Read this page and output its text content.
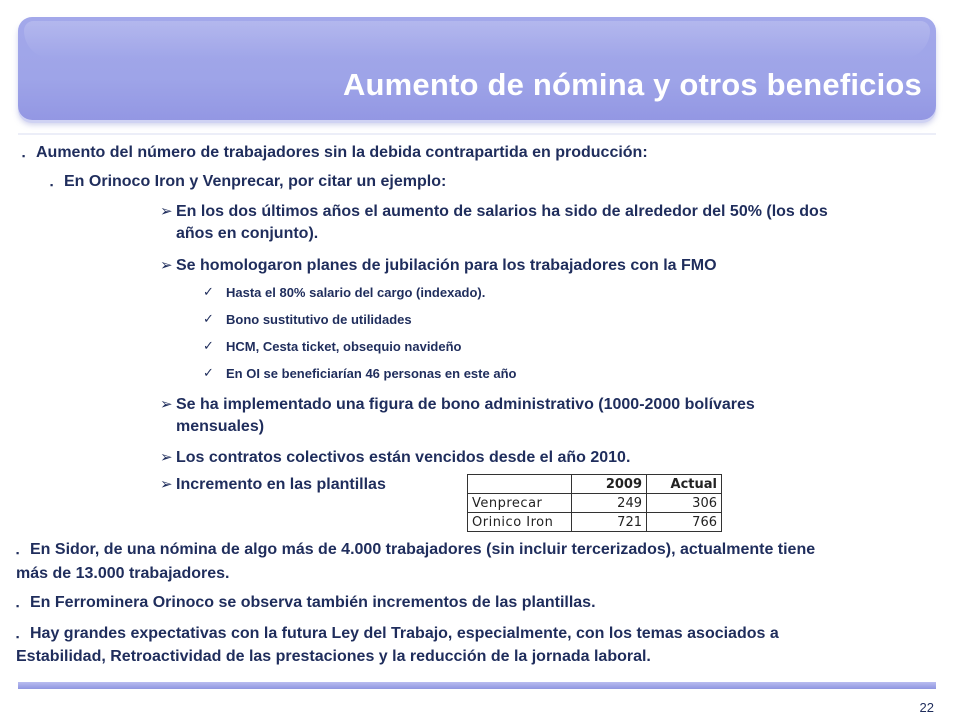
Aumento de nómina y otros beneficios
▪ Aumento del número de trabajadores sin la debida contrapartida en producción:
▪ En Orinoco Iron y Venprecar, por citar un ejemplo:
➢ En los dos últimos años el aumento de salarios ha sido de alrededor del 50% (los dos
años en conjunto).
➢ Se homologaron planes de jubilación para los trabajadores con la FMO
✓ Hasta el 80% salario del cargo (indexado).
✓ Bono sustitutivo de utilidades
✓ HCM, Cesta ticket, obsequio navideño
✓ En OI se beneficiarían 46 personas en este año
➢ Se ha implementado una figura de bono administrativo (1000-2000 bolívares
mensuales)
➢ Los contratos colectivos están vencidos desde el año 2010.
➢ Incremento en las plantillas
		2009	Actual
Venprecar	249	306
Orinico Iron	721	766
▪ En Sidor, de una nómina de algo más de 4.000 trabajadores (sin incluir tercerizados), actualmente tiene
más de 13.000 trabajadores.
▪ En Ferrominera Orinoco se observa también incrementos de las plantillas.
▪ Hay grandes expectativas con la futura Ley del Trabajo, especialmente, con los temas asociados a
Estabilidad, Retroactividad de las prestaciones y la reducción de la jornada laboral.
22
